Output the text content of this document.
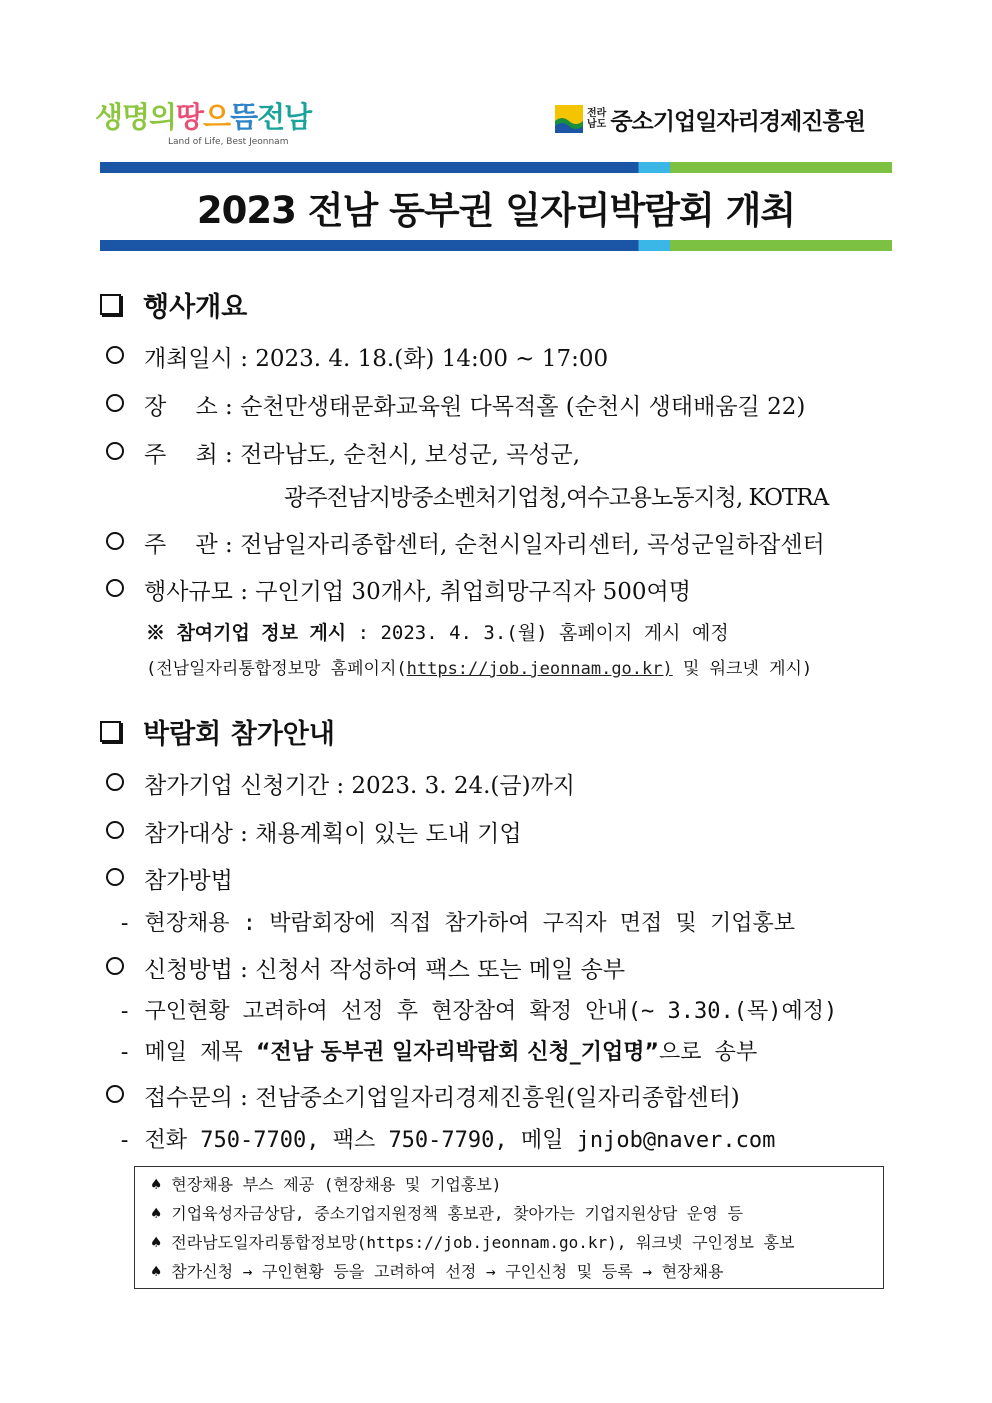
생명의땅으뜸전남
Land of Life, Best Jeonnam
전라
남도 중소기업일자리경제진흥원
2023 전남 동부권 일자리박람회 개최
행사개요
개최일시 : 2023. 4. 18.(화) 14:00 ~ 17:00
장    소 : 순천만생태문화교육원 다목적홀 (순천시 생태배움길 22)
주    최 : 전라남도, 순천시, 보성군, 곡성군,
광주전남지방중소벤처기업청,여수고용노동지청, KOTRA
주    관 : 전남일자리종합센터, 순천시일자리센터, 곡성군일하잡센터
행사규모 : 구인기업 30개사, 취업희망구직자 500여명
※ 참여기업 정보 게시 : 2023. 4. 3.(월) 홈페이지 게시 예정
(전남일자리통합정보망 홈페이지(https://job.jeonnam.go.kr) 및 워크넷 게시)
박람회 참가안내
참가기업 신청기간 : 2023. 3. 24.(금)까지
참가대상 : 채용계획이 있는 도내 기업
참가방법
- 현장채용 : 박람회장에 직접 참가하여 구직자 면접 및 기업홍보
신청방법 : 신청서 작성하여 팩스 또는 메일 송부
- 구인현황 고려하여 선정 후 현장참여 확정 안내(~ 3.30.(목)예정)
- 메일 제목 “전남 동부권 일자리박람회 신청_기업명”으로 송부
접수문의 : 전남중소기업일자리경제진흥원(일자리종합센터)
- 전화 750-7700, 팩스 750-7790, 메일 jnjob@naver.com
♠ 현장채용 부스 제공 (현장채용 및 기업홍보)
♠ 기업육성자금상담, 중소기업지원정책 홍보관, 찾아가는 기업지원상담 운영 등
♠ 전라남도일자리통합정보망(https://job.jeonnam.go.kr), 워크넷 구인정보 홍보
♠ 참가신청 → 구인현황 등을 고려하여 선정 → 구인신청 및 등록 → 현장채용
